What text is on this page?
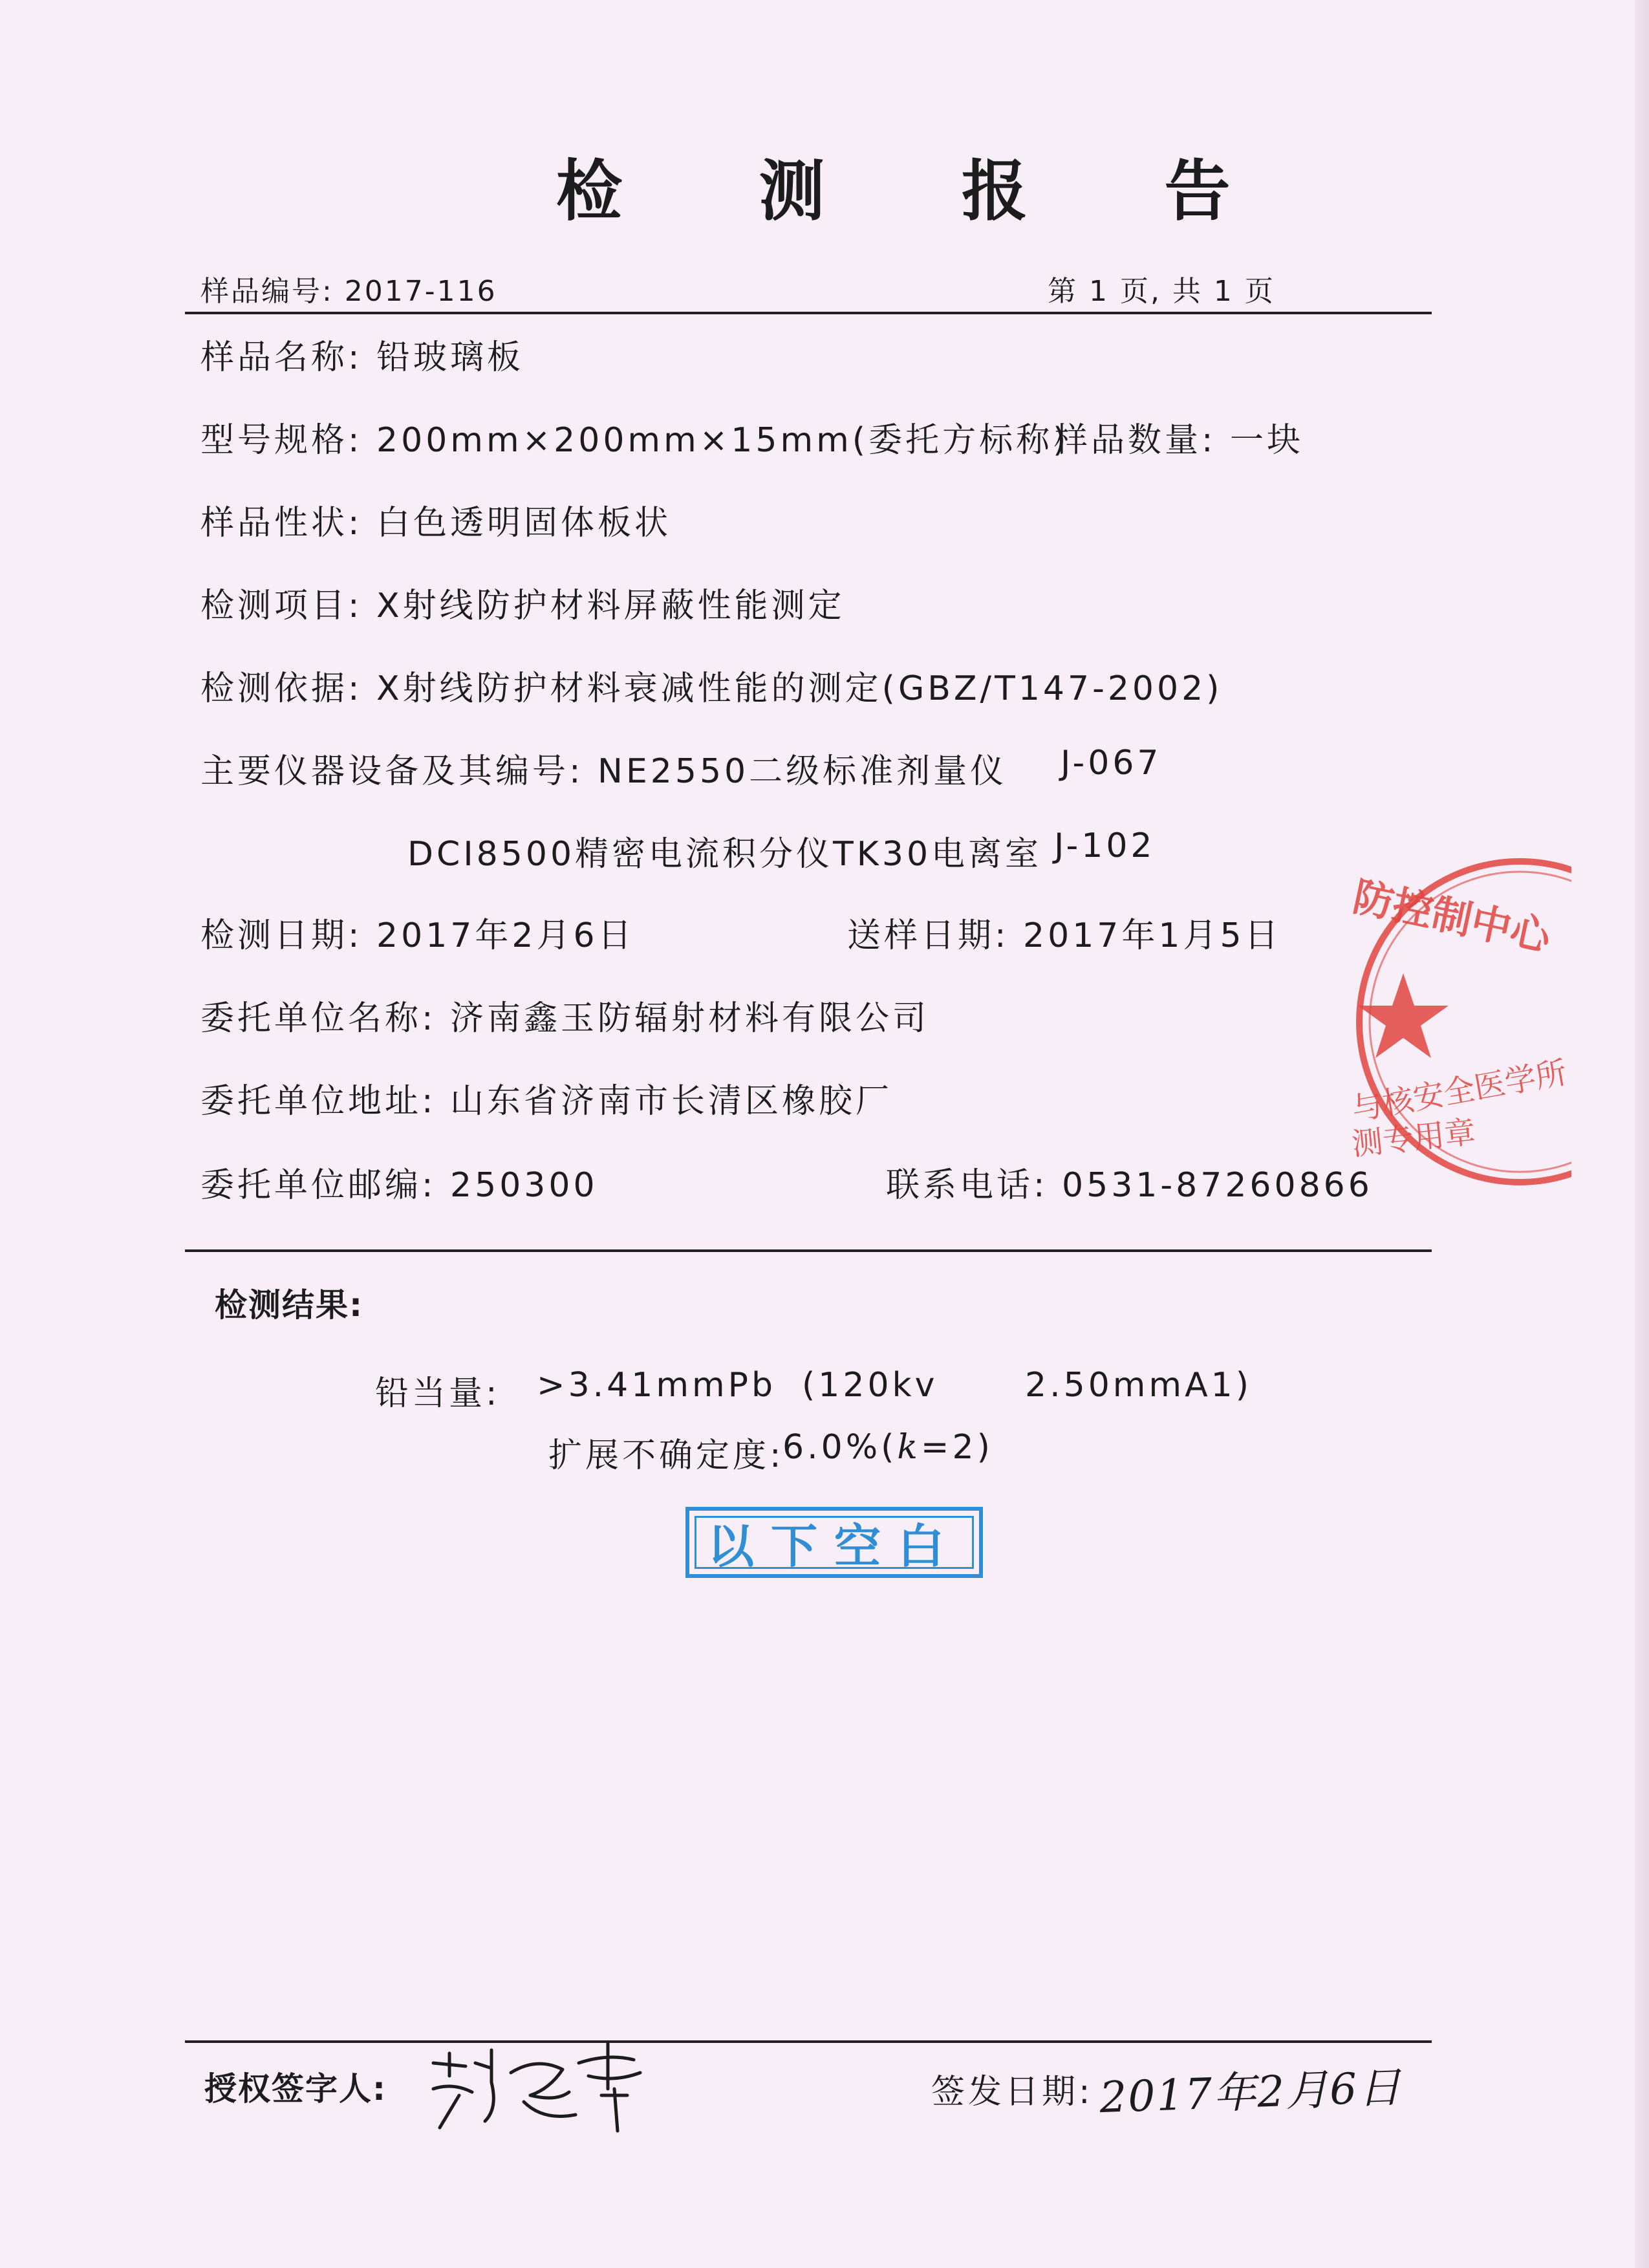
检 测 报 告
样品编号: 2017-116	第 1 页, 共 1 页
样品名称: 铅玻璃板
型号规格: 200mm×200mm×15mm(委托方标称)
样品数量: 一块
样品性状: 白色透明固体板状
检测项目: X射线防护材料屏蔽性能测定
检测依据: X射线防护材料衰减性能的测定(GBZ/T147-2002)
主要仪器设备及其编号: NE2550二级标准剂量仪 J-067
DCI8500精密电流积分仪TK30电离室 J-102
检测日期: 2017年2月6日	送样日期: 2017年1月5日
委托单位名称: 济南鑫玉防辐射材料有限公司
委托单位地址: 山东省济南市长清区橡胶厂
委托单位邮编: 250300	联系电话: 0531-87260866
检测结果:
铅当量: >3.41mmPb (120kv	2.50mmA1)
扩展不确定度:
6.0%(k=2)
以下空白
防控制中心
与核安全医学所
测专用章
授权签字人:	签发日期: 2017年2月6日
